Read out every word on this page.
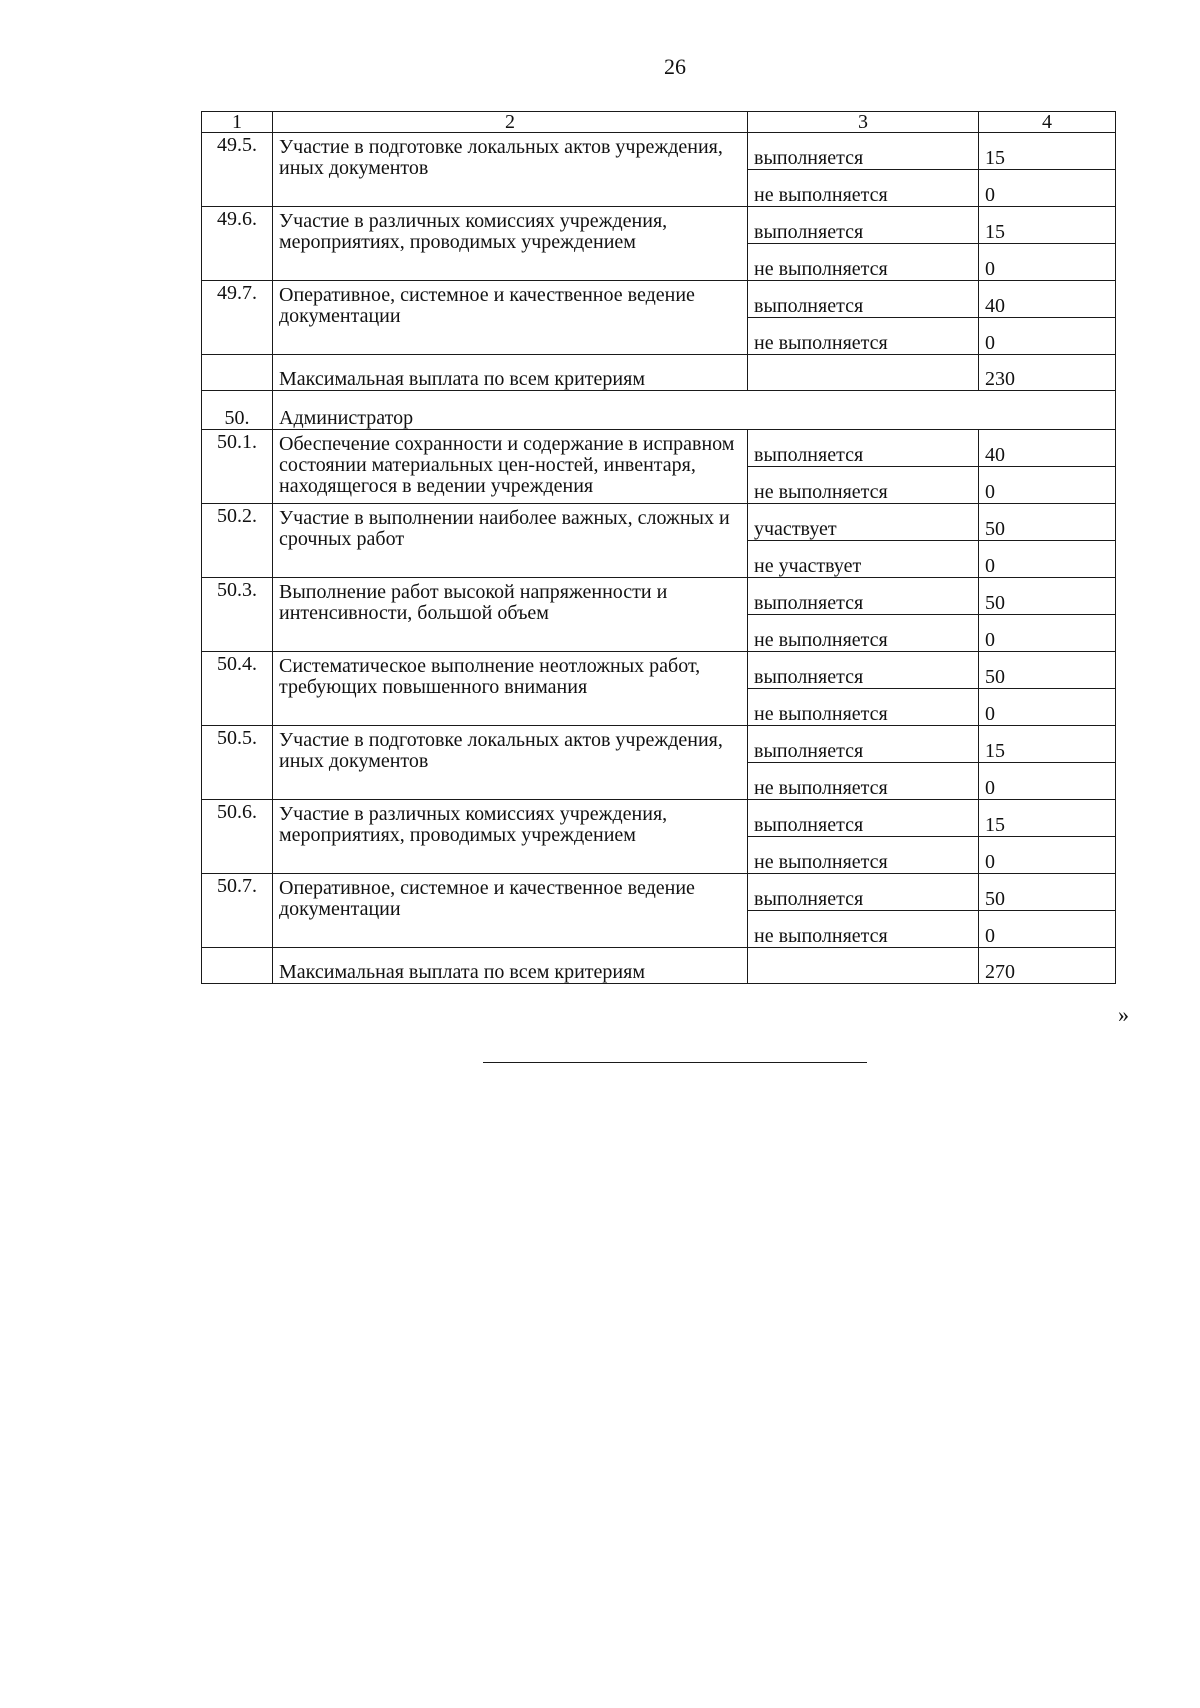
26
1	2	3	4
49.5.	Участие в подготовке локальных актов учреждения, иных документов	выполняется	15
		не выполняется	0
49.6.	Участие в различных комиссиях учреждения, мероприятиях, проводимых учреждением	выполняется	15
		не выполняется	0
49.7.	Оперативное, системное и качественное ведение документации	выполняется	40
		не выполняется	0
	Максимальная выплата по всем критериям		230
50.	Администратор		
50.1.	Обеспечение сохранности и содержание в исправном состоянии материальных цен-ностей, инвентаря, находящегося в ведении учреждения	выполняется	40
		не выполняется	0
50.2.	Участие в выполнении наиболее важных, сложных и срочных работ	участвует	50
		не участвует	0
50.3.	Выполнение работ высокой напряженности и интенсивности, большой объем	выполняется	50
		не выполняется	0
50.4.	Систематическое выполнение неотложных работ, требующих повышенного внимания	выполняется	50
		не выполняется	0
50.5.	Участие в подготовке локальных актов учреждения, иных документов	выполняется	15
		не выполняется	0
50.6.	Участие в различных комиссиях учреждения, мероприятиях, проводимых учреждением	выполняется	15
		не выполняется	0
50.7.	Оперативное, системное и качественное ведение документации	выполняется	50
		не выполняется	0
	Максимальная выплата по всем критериям		270
»
